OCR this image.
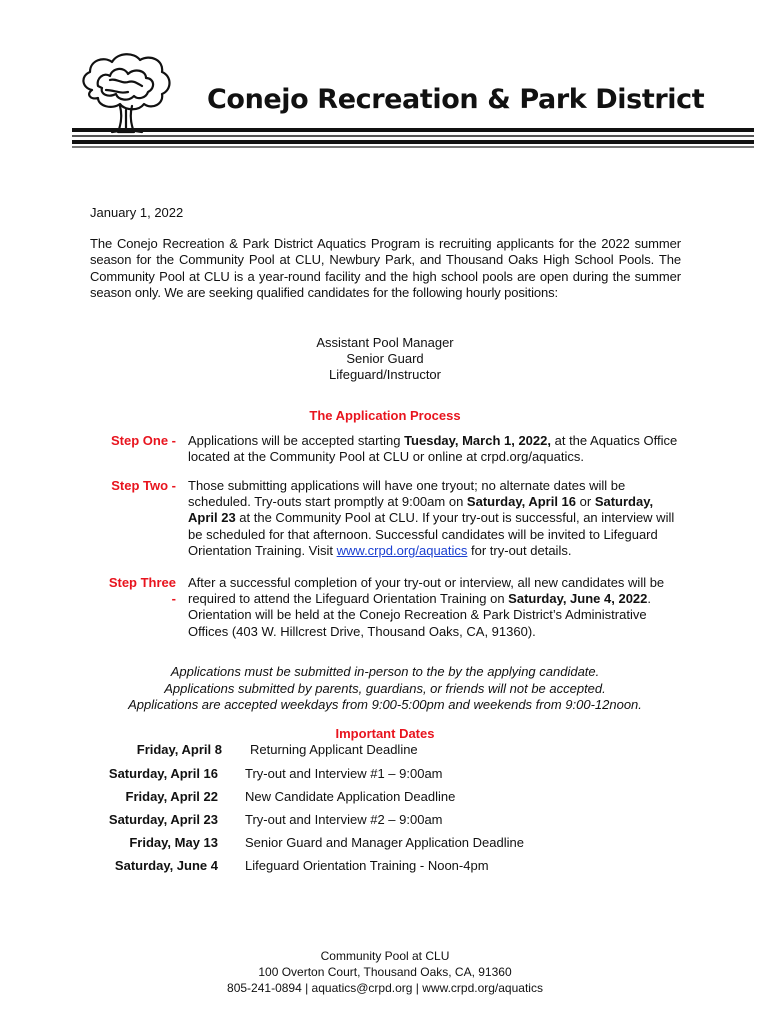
Conejo Recreation & Park District
January 1, 2022

The Conejo Recreation & Park District Aquatics Program is recruiting applicants for the 2022 summer season for the Community Pool at CLU, Newbury Park, and Thousand Oaks High School Pools. The Community Pool at CLU is a year-round facility and the high school pools are open during the summer season only. We are seeking qualified candidates for the following hourly positions:

Assistant Pool Manager
Senior Guard
Lifeguard/Instructor
The Application Process
Step One - Applications will be accepted starting Tuesday, March 1, 2022, at the Aquatics Office located at the Community Pool at CLU or online at crpd.org/aquatics.
Step Two - Those submitting applications will have one tryout; no alternate dates will be scheduled. Try-outs start promptly at 9:00am on Saturday, April 16 or Saturday, April 23 at the Community Pool at CLU. If your try-out is successful, an interview will be scheduled for that afternoon. Successful candidates will be invited to Lifeguard Orientation Training. Visit www.crpd.org/aquatics for try-out details.
Step Three
-
After a successful completion of your try-out or interview, all new candidates will be required to attend the Lifeguard Orientation Training on Saturday, June 4, 2022. Orientation will be held at the Conejo Recreation & Park District’s Administrative Offices (403 W. Hillcrest Drive, Thousand Oaks, CA, 91360).
Applications must be submitted in-person to the by the applying candidate.
Applications submitted by parents, guardians, or friends will not be accepted.
Applications are accepted weekdays from 9:00-5:00pm and weekends from 9:00-12noon.
Important Dates
Friday, April 8 Returning Applicant Deadline
Saturday, April 16 Try-out and Interview #1 – 9:00am
Friday, April 22 New Candidate Application Deadline
Saturday, April 23 Try-out and Interview #2 – 9:00am
Friday, May 13 Senior Guard and Manager Application Deadline
Saturday, June 4 Lifeguard Orientation Training - Noon-4pm
Community Pool at CLU
100 Overton Court, Thousand Oaks, CA, 91360
805-241-0894 | aquatics@crpd.org | www.crpd.org/aquatics
